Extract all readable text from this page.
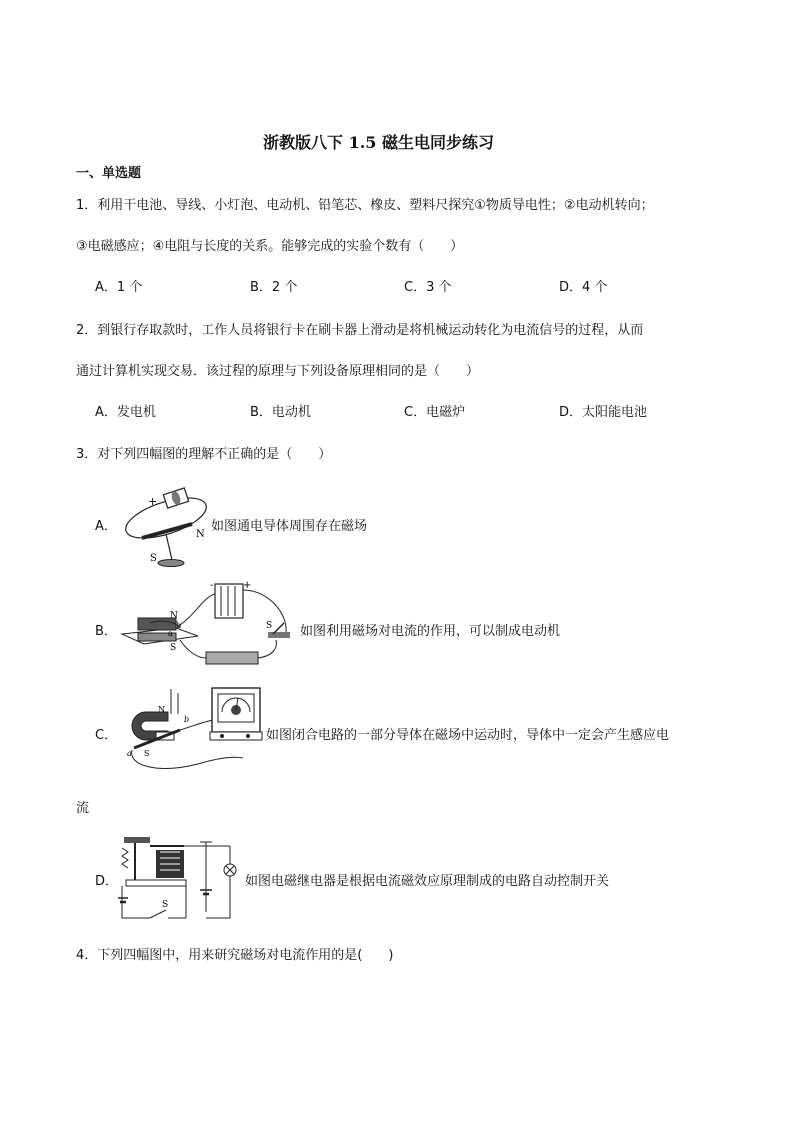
浙教版八下 1.5 磁生电同步练习
一、单选题
1．利用干电池、导线、小灯泡、电动机、铅笔芯、橡皮、塑料尺探究①物质导电性；②电动机转向；
③电磁感应；④电阻与长度的关系。能够完成的实验个数有（　　）
A．1 个	B．2 个	C．3 个	D．4 个
2．到银行存取款时，工作人员将银行卡在刷卡器上滑动是将机械运动转化为电流信号的过程，从而
通过计算机实现交易．该过程的原理与下列设备原理相同的是（　　）
A．发电机	B．电动机	C．电磁炉	D．太阳能电池
3．对下列四幅图的理解不正确的是（　　）
A．
+
N
S
如图通电导体周围存在磁场
B．
-	+
N
S
a
b	S 如图利用磁场对电流的作用，可以制成电动机
C．
N
S
a
b
如图闭合电路的一部分导体在磁场中运动时，导体中一定会产生感应电
流
D．
S
如图电磁继电器是根据电流磁效应原理制成的电路自动控制开关
4．下列四幅图中，用来研究磁场对电流作用的是(　　)
